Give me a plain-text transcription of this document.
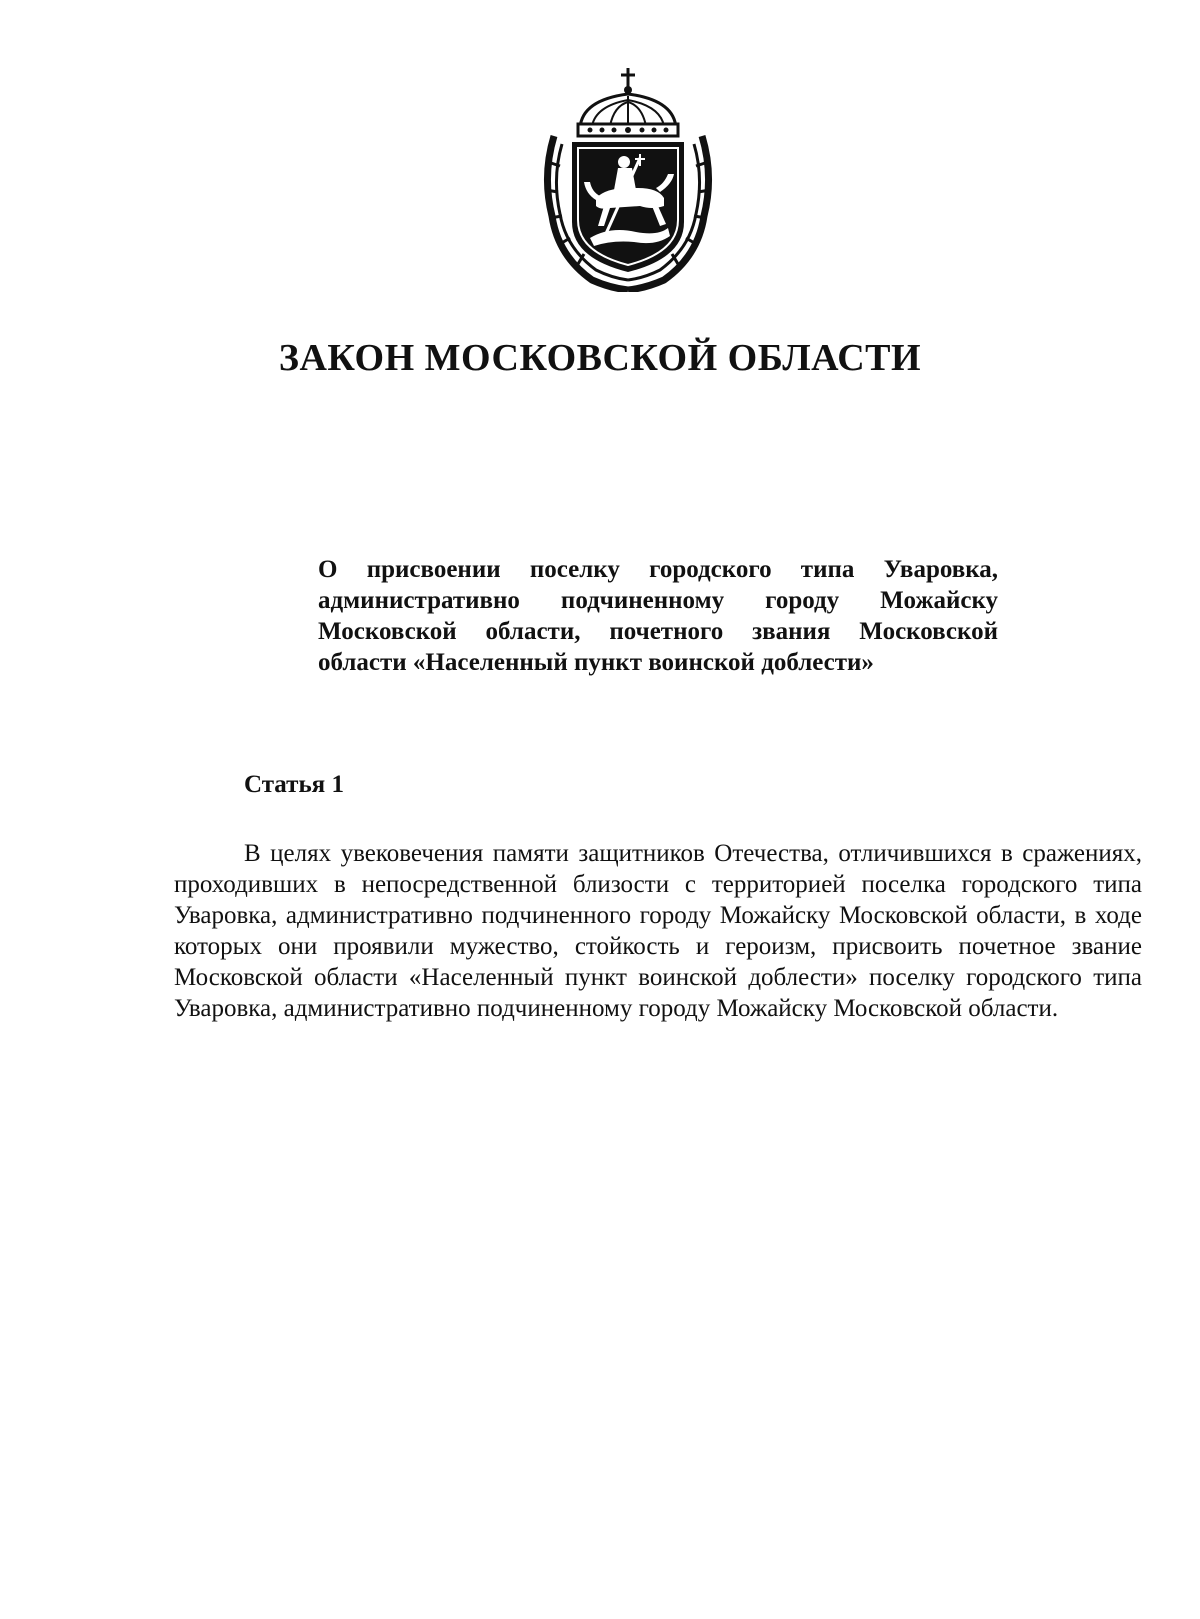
ЗАКОН МОСКОВСКОЙ ОБЛАСТИ

О присвоении поселку городского типа Уваровка, административно подчиненному городу Можайску Московской области, почетного звания Московской области «Населенный пункт воинской доблести»

Статья 1

В целях увековечения памяти защитников Отечества, отличившихся в сражениях, проходивших в непосредственной близости с территорией поселка городского типа Уваровка, административно подчиненного городу Можайску Московской области, в ходе которых они проявили мужество, стойкость и героизм, присвоить почетное звание Московской области «Населенный пункт воинской доблести» поселку городского типа Уваровка, административно подчиненному городу Можайску Московской области.
